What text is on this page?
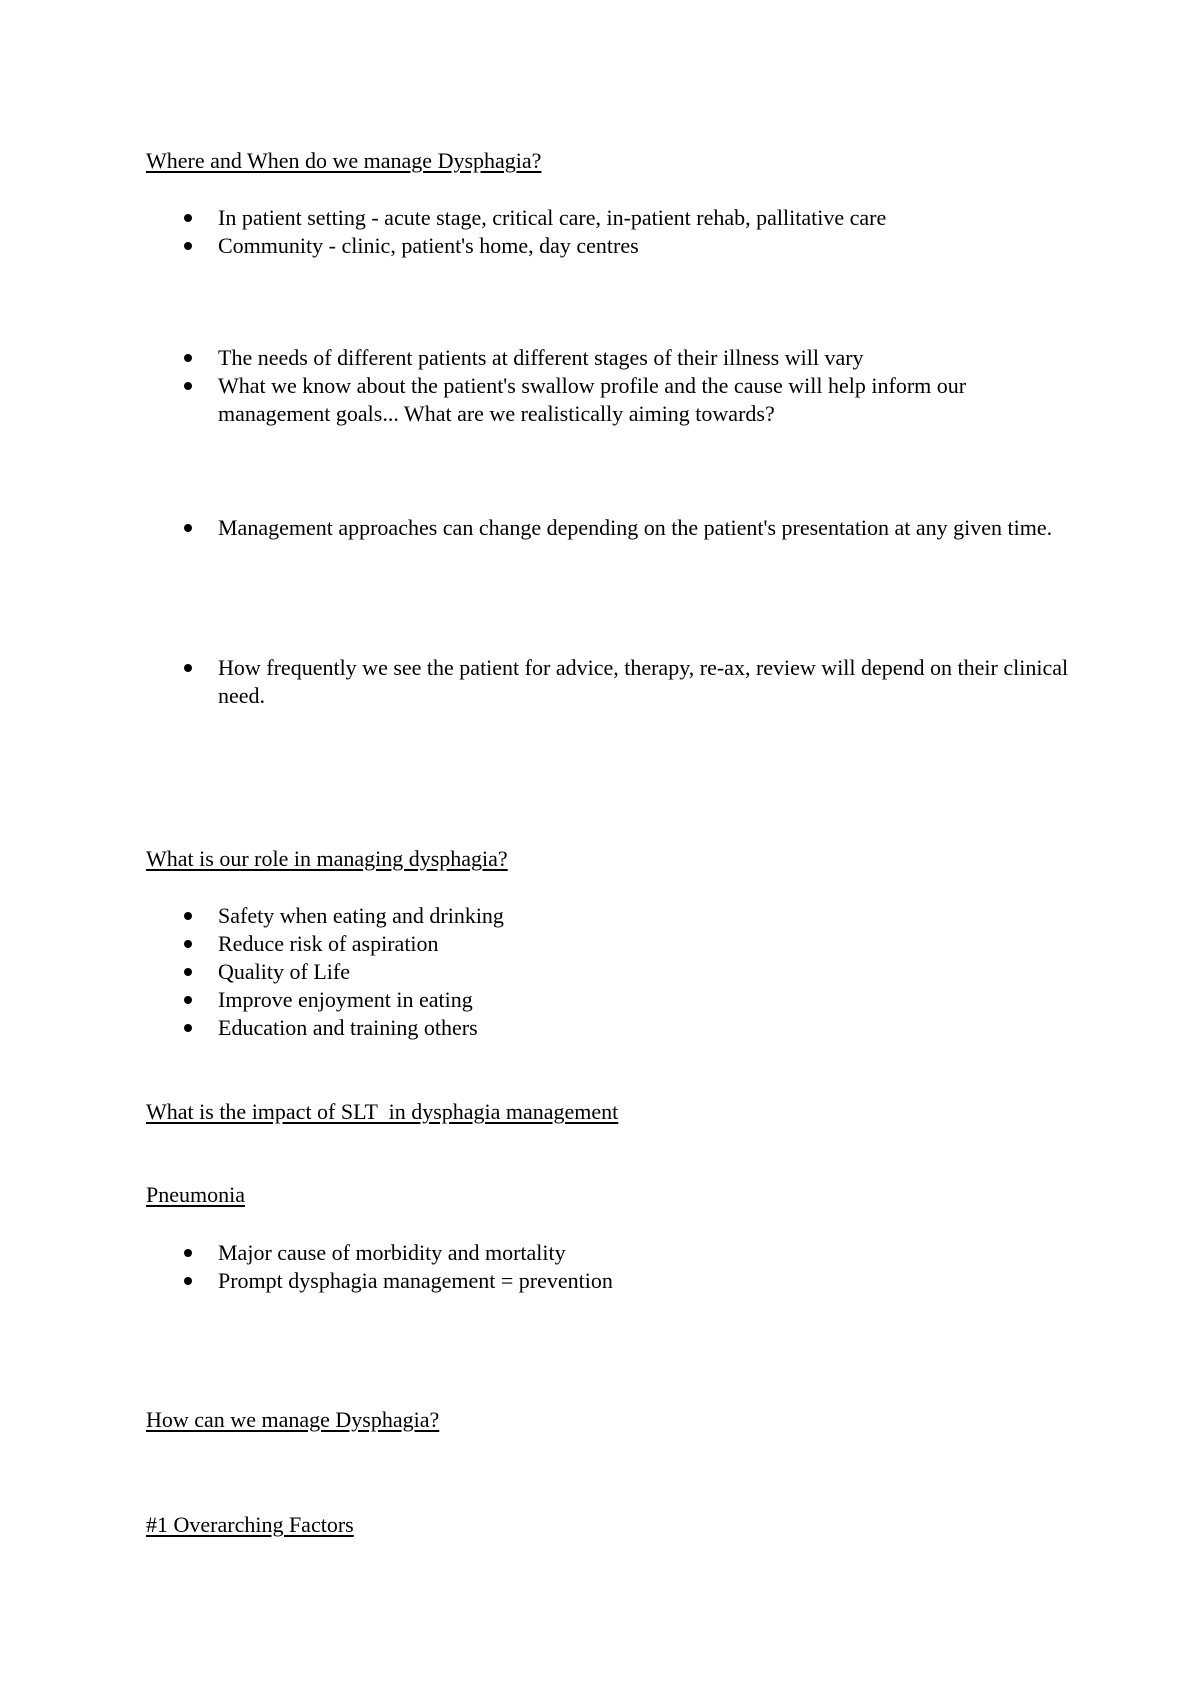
Where and When do we manage Dysphagia?
In patient setting - acute stage, critical care, in-patient rehab, pallitative care
Community - clinic, patient's home, day centres
The needs of different patients at different stages of their illness will vary
What we know about the patient's swallow profile and the cause will help inform our management goals... What are we realistically aiming towards?
Management approaches can change depending on the patient's presentation at any given time.
How frequently we see the patient for advice, therapy, re-ax, review will depend on their clinical need.
What is our role in managing dysphagia?
Safety when eating and drinking
Reduce risk of aspiration
Quality of Life
Improve enjoyment in eating
Education and training others
What is the impact of SLT  in dysphagia management
Pneumonia
Major cause of morbidity and mortality
Prompt dysphagia management = prevention
How can we manage Dysphagia?
#1 Overarching Factors
